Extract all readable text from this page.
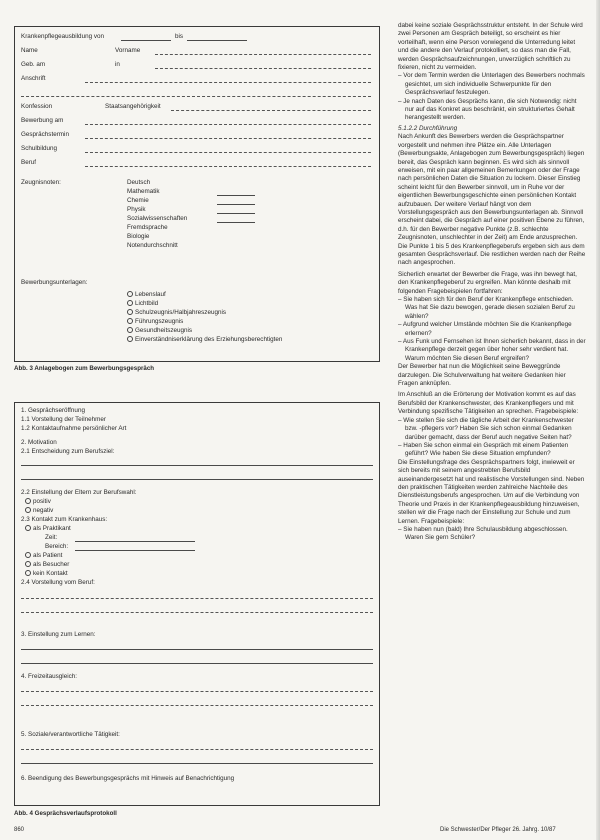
Krankenpflegeausbildung von	bis
Name	Vorname
Geb. am	in
Anschrift
Konfession	Staatsangehörigkeit
Bewerbung am
Gesprächstermin
Schulbildung
Beruf
Zeugnisnoten:	Deutsch
Mathematik
Chemie
Physik
Sozialwissenschaften
Fremdsprache
Biologie
Notendurchschnitt
Bewerbungsunterlagen:
Lebenslauf
Lichtbild
Schulzeugnis/Halbjahreszeugnis
Führungszeugnis
Gesundheitszeugnis
Einverständniserklärung des Erziehungsberechtigten
Abb. 3 Anlagebogen zum Bewerbungsgespräch
1. Gesprächseröffnung
1.1 Vorstellung der Teilnehmer
1.2 Kontaktaufnahme persönlicher Art
2. Motivation
2.1 Entscheidung zum Berufsziel:
2.2 Einstellung der Eltern zur Berufswahl:
positiv
negativ
2.3 Kontakt zum Krankenhaus:
als Praktikant
Zeit:
Bereich:
als Patient
als Besucher
kein Kontakt
2.4 Vorstellung vom Beruf:
3. Einstellung zum Lernen:
4. Freizeitausgleich:
5. Soziale/verantwortliche Tätigkeit:
6. Beendigung des Bewerbungsgesprächs mit Hinweis auf Benachrichtigung
Abb. 4 Gesprächsverlaufsprotokoll

dabei keine soziale Gesprächsstruktur entsteht. In der Schule wird zwei Personen am Gespräch beteiligt, so erscheint es hier vorteilhaft, wenn eine Person vorwiegend die Unterredung leitet und die andere den Verlauf protokolliert, so dass man die Fall, werden Gesprächsaufzeichnungen, unverzüglich schriftlich zu fixieren, nicht zu vermeiden.

– Vor dem Termin werden die Unterlagen des Bewerbers nochmals gesichtet, um sich individuelle Schwerpunkte für den Gesprächsverlauf festzulegen.
– Je nach Daten des Gesprächs kann, die sich Notwendig: nicht nur auf das Konkret aus beschränkt, ein strukturiertes Gehalt herangestellt werden.

5.1.2.2 Durchführung

Nach Ankunft des Bewerbers werden die Gesprächspartner vorgestellt und nehmen ihre Plätze ein. Alle Unterlagen (Bewerbungsakte, Anlagebogen zum Bewerbungsgespräch) liegen bereit, das Gespräch kann beginnen. Es wird sich als sinnvoll erweisen, mit ein paar allgemeinen Bemerkungen oder der Frage nach persönlichen Daten die Situation zu lockern. Dieser Einstieg scheint leicht für den Bewerber sinnvoll, um in Ruhe vor der eigentlichen Bewerbungsgeschichte einen persönlichen Kontakt aufzubauen. Der weitere Verlauf hängt von dem Vorstellungsgespräch aus den Bewerbungsunterlagen ab. Sinnvoll erscheint dabei, die Gespräch auf einer positiven Ebene zu führen, d.h. für den Bewerber negative Punkte (z.B. schlechte Zeugnisnoten, unschlechter in der Zeit) am Ende anzusprechen. Die Punkte 1 bis 5 des Krankenpflegeberufs ergeben sich aus dem gesamten Gesprächsverlauf. Die restlichen werden nach der Reihe nach angesprochen.

Sicherlich erwartet der Bewerber die Frage, was ihn bewegt hat, den Krankenpflegeberuf zu ergreifen. Man könnte deshalb mit folgenden Fragebeispielen fortfahren:

– Sie haben sich für den Beruf der Krankenpflege entschieden. Was hat Sie dazu bewogen, gerade diesen sozialen Beruf zu wählen?
– Aufgrund welcher Umstände möchten Sie die Krankenpflege erlernen?
– Aus Funk und Fernsehen ist Ihnen sicherlich bekannt, dass in der Krankenpflege derzeit gegen über hoher sehr verdient hat. Warum möchten Sie diesen Beruf ergreifen?

Der Bewerber hat nun die Möglichkeit seine Beweggründe darzulegen. Die Schulverwaltung hat weitere Gedanken hier Fragen anknüpfen.

Im Anschluß an die Erörterung der Motivation kommt es auf das Berufsbild der Krankenschwester, des Krankenpflegers und mit Verbindung spezifische Tätigkeiten an sprechen. Fragebeispiele:

– Wie stellen Sie sich die tägliche Arbeit der Krankenschwester bzw. -pflegers vor? Haben Sie sich schon einmal Gedanken darüber gemacht, dass der Beruf auch negative Seiten hat?
– Haben Sie schon einmal ein Gespräch mit einem Patienten geführt? Wie haben Sie diese Situation empfunden?

Die Einstellungsfrage des Gesprächspartners folgt, inwieweit er sich bereits mit seinem angestrebten Berufsbild auseinandergesetzt hat und realistische Vorstellungen sind. Neben den praktischen Tätigkeiten werden zahlreiche Nachteile des Dienstleistungsberufs angesprochen. Um auf die Verbindung von Theorie und Praxis in der Krankenpflegeausbildung hinzuweisen, stellen wir die Frage nach der Einstellung zur Schule und zum Lernen. Fragebeispiele:

– Sie haben nun (bald) Ihre Schulausbildung abgeschlossen. Waren Sie gern Schüler?
860	Die Schwester/Der Pfleger 26. Jahrg. 10/87
